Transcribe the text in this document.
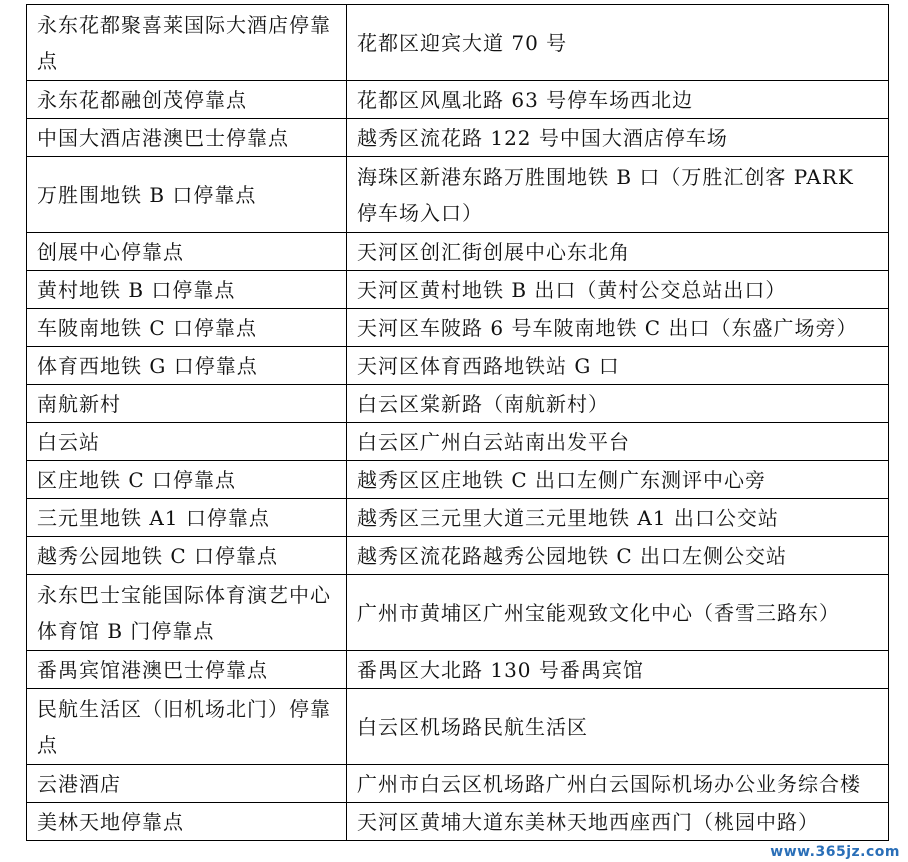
永东花都聚喜莱国际大酒店停靠点	花都区迎宾大道 70 号
永东花都融创茂停靠点	花都区风凰北路 63 号停车场西北边
中国大酒店港澳巴士停靠点	越秀区流花路 122 号中国大酒店停车场
万胜围地铁 B 口停靠点	海珠区新港东路万胜围地铁 B 口（万胜汇创客 PARK 停车场入口）
创展中心停靠点	天河区创汇街创展中心东北角
黄村地铁 B 口停靠点	天河区黄村地铁 B 出口（黄村公交总站出口）
车陂南地铁 C 口停靠点	天河区车陂路 6 号车陂南地铁 C 出口（东盛广场旁）
体育西地铁 G 口停靠点	天河区体育西路地铁站 G 口
南航新村	白云区棠新路（南航新村）
白云站	白云区广州白云站南出发平台
区庄地铁 C 口停靠点	越秀区区庄地铁 C 出口左侧广东测评中心旁
三元里地铁 A1 口停靠点	越秀区三元里大道三元里地铁 A1 出口公交站
越秀公园地铁 C 口停靠点	越秀区流花路越秀公园地铁 C 出口左侧公交站
永东巴士宝能国际体育演艺中心体育馆 B 门停靠点	广州市黄埔区广州宝能观致文化中心（香雪三路东）
番禺宾馆港澳巴士停靠点	番禺区大北路 130 号番禺宾馆
民航生活区（旧机场北门）停靠点	白云区机场路民航生活区
云港酒店	广州市白云区机场路广州白云国际机场办公业务综合楼
美林天地停靠点	天河区黄埔大道东美林天地西座西门（桃园中路）
www.365jz.com
